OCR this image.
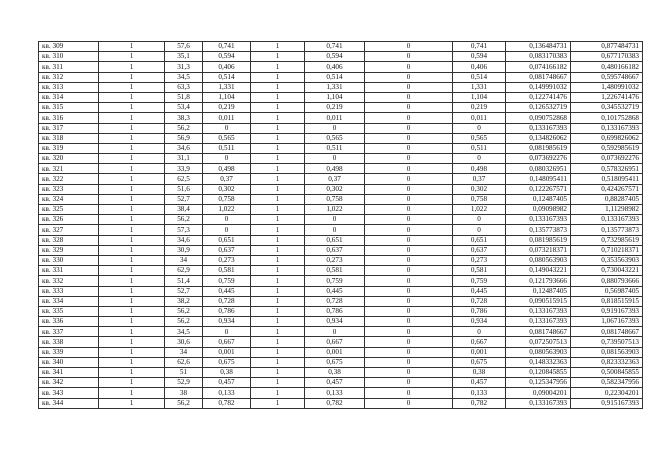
кв. 309	1	57,6	0,741	1	0,741	0	0,741	0,136484731	0,877484731
кв. 310	1	35,1	0,594	1	0,594	0	0,594	0,083170383	0,677170383
кв. 311	1	31,3	0,406	1	0,406	0	0,406	0,074166182	0,480166182
кв. 312	1	34,5	0,514	1	0,514	0	0,514	0,081748667	0,595748667
кв. 313	1	63,3	1,331	1	1,331	0	1,331	0,149991032	1,480991032
кв. 314	1	51,8	1,104	1	1,104	0	1,104	0,122741476	1,226741476
кв. 315	1	53,4	0,219	1	0,219	0	0,219	0,126532719	0,345532719
кв. 316	1	38,3	0,011	1	0,011	0	0,011	0,090752868	0,101752868
кв. 317	1	56,2	0	1	0	0	0	0,133167393	0,133167393
кв. 318	1	56,9	0,565	1	0,565	0	0,565	0,134826062	0,699826062
кв. 319	1	34,6	0,511	1	0,511	0	0,511	0,081985619	0,592985619
кв. 320	1	31,1	0	1	0	0	0	0,073692276	0,073692276
кв. 321	1	33,9	0,498	1	0,498	0	0,498	0,080326951	0,578326951
кв. 322	1	62,5	0,37	1	0,37	0	0,37	0,148095411	0,518095411
кв. 323	1	51,6	0,302	1	0,302	0	0,302	0,122267571	0,424267571
кв. 324	1	52,7	0,758	1	0,758	0	0,758	0,12487405	0,88287405
кв. 325	1	38,4	1,022	1	1,022	0	1,022	0,09098982	1,11298982
кв. 326	1	56,2	0	1	0	0	0	0,133167393	0,133167393
кв. 327	1	57,3	0	1	0	0	0	0,135773873	0,135773873
кв. 328	1	34,6	0,651	1	0,651	0	0,651	0,081985619	0,732985619
кв. 329	1	30,9	0,637	1	0,637	0	0,637	0,073218371	0,710218371
кв. 330	1	34	0,273	1	0,273	0	0,273	0,080563903	0,353563903
кв. 331	1	62,9	0,581	1	0,581	0	0,581	0,149043221	0,730043221
кв. 332	1	51,4	0,759	1	0,759	0	0,759	0,121793666	0,880793666
кв. 333	1	52,7	0,445	1	0,445	0	0,445	0,12487405	0,56987405
кв. 334	1	38,2	0,728	1	0,728	0	0,728	0,090515915	0,818515915
кв. 335	1	56,2	0,786	1	0,786	0	0,786	0,133167393	0,919167393
кв. 336	1	56,2	0,934	1	0,934	0	0,934	0,133167393	1,067167393
кв. 337	1	34,5	0	1	0	0	0	0,081748667	0,081748667
кв. 338	1	30,6	0,667	1	0,667	0	0,667	0,072507513	0,739507513
кв. 339	1	34	0,001	1	0,001	0	0,001	0,080563903	0,081563903
кв. 340	1	62,6	0,675	1	0,675	0	0,675	0,148332363	0,823332363
кв. 341	1	51	0,38	1	0,38	0	0,38	0,120845855	0,500845855
кв. 342	1	52,9	0,457	1	0,457	0	0,457	0,125347956	0,582347956
кв. 343	1	38	0,133	1	0,133	0	0,133	0,09004201	0,22304201
кв. 344	1	56,2	0,782	1	0,782	0	0,782	0,133167393	0,915167393
